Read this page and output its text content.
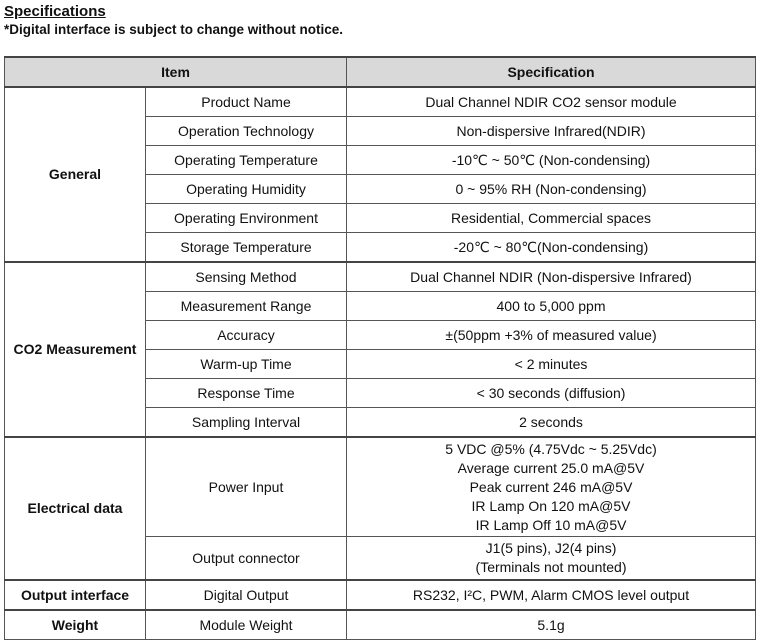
Specifications
*Digital interface is subject to change without notice.
Item		Specification
General	Product Name	Dual Channel NDIR CO2 sensor module

	Operation Technology	Non-dispersive Infrared(NDIR)

	Operating Temperature	-10℃ ~ 50℃ (Non-condensing)

	Operating Humidity	0 ~ 95% RH (Non-condensing)

	Operating Environment	Residential, Commercial spaces

	Storage Temperature	-20℃ ~ 80℃(Non-condensing)

CO2 Measurement	Sensing Method	Dual Channel NDIR (Non-dispersive Infrared)

	Measurement Range	400 to 5,000 ppm

	Accuracy	±(50ppm +3% of measured value)

	Warm-up Time	< 2 minutes

	Response Time	< 30 seconds (diffusion)

	Sampling Interval	2 seconds

Electrical data	Power Input	5 VDC @5% (4.75Vdc ~ 5.25Vdc)
Average current 25.0 mA@5V
Peak current 246 mA@5V
IR Lamp On 120 mA@5V
IR Lamp Off 10 mA@5V

	Output connector	J1(5 pins), J2(4 pins)
(Terminals not mounted)

Output interface	Digital Output	RS232, I²C, PWM, Alarm CMOS level output

Weight	Module Weight	5.1g
